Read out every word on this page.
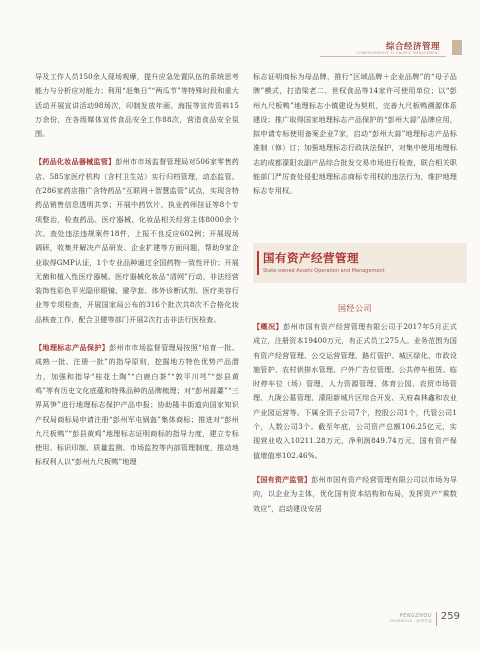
综合经济管理
COMPREHENSIVE ECONOMIC MANAGEMENT

导及工作人员150余人现场观摩，提升应急处置队伍的系统思考能力与分析应对能力；利用“赶集日”“两瓜节”等特殊时段和重大活动开展宣讲活动98场次，印制发放年画、海报等宣传资料15万余份，在各级媒体宣传食品安全工作88次，营造食品安全氛围。

【药品化妆品器械监管】彭州市市场监督管理局对506家零售药店、585家医疗机构（含村卫生站）实行归档管理，动态监管。在286家药店推广含特药品“互联网＋智慧监管”试点，实现含特药品销售信息透明共享；开展中药饮片、执业药师挂证等8个专项整治，检查药品、医疗器械、化妆品相关经营主体8000余个次。查处违法违规案件18件，上报不良反应602例；开展现场调研，收集并解决产品研发、企业扩建等方面问题，帮助9家企业取得GMP认证，1个专业品种通过全国药物一致性评价；开展无菌和植入性医疗器械、医疗器械化妆品“清网”行动、非法经营装饰性彩色平光隐形眼镜、避孕套、体外诊断试剂、医疗美容行业等专项检查，开展国家局公布的316个批次共8次不合格化妆品核查工作，配合卫健等部门开展2次打击非法行医检查。

【地理标志产品保护】彭州市市场监督管理局按照“培育一批、成熟一批、注册一批”的指导原则，挖掘地方特色优势产品潜力，加强和指导“桂花土陶”“白鹿白茶”“敦平川芎”“彭县黄鸡”等有历史文化底蕴和特殊品种的品牌梳理；对“彭州蒜薹”“三界莴笋”进行地理标志保护产品申报；协助隆丰街道向国家知识产权局商标局申请注册“彭州军屯锅盔”集体商标；推进对“彭州九尺板鸭”“彭县黄鸡”地理标志证明商标的指导力度，建立专标使用、标识印制、质量监测、市场监控等内部管理制度，推动地标权利人以“彭州九尺板鸭”地理

标志证明商标为母品牌，推行“区域品牌＋企业品牌”的“母子品牌”模式，打造梁老二、世权食品等14家许可使用单位；以“彭州九尺板鸭”地理标志小镇建设为契机，完善九尺板鸭溯源体系建设；推广取得国家地理标志产品保护的“彭州大蒜”品牌应用，拟申请专标使用备案企业7家，启动“彭州大蒜”地理标志产品标准制（修）订；加强地理标志行政执法保护，对集中使用地理标志的成都濛阳农副产品综合批发交易市场进行检查，联合相关职能部门严厉查处侵犯地理标志商标专用权的违法行为，维护地理标志专用权。

国有资产经营管理
State-owned Assets Operation and Management
国经公司

【概况】彭州市国有资产经营管理有限公司于2017年5月正式成立，注册资本19400万元，有正式员工275人。业务范围为国有资产经营管理、公交运营管理、路灯管护、城区绿化、市政设施管护、农村供排水管理、户外广告位管理、公共停车租赁、临时停车位（场）管理，人力资源管理、体育公园、农贸市场管理、九陇公墓管理、濛阳新城片区综合开发、天府森林鑫和农业产业园运营等。下属全资子公司7个，控股公司1个，代管公司1个，人数公司3个。截至年底，公司资产总额106.25亿元，实现营业收入10211.28万元，净利润849.74万元，国有资产保值增值率102.46%。

【国有资产监管】彭州市国有资产经营管理有限公司以市场为导向，以企业为主体，优化国有资本结构和布局，发挥资产“乘数效应”，启动建设安居

PENGZHOU
YEARBOOK · 彭州年鉴 259
